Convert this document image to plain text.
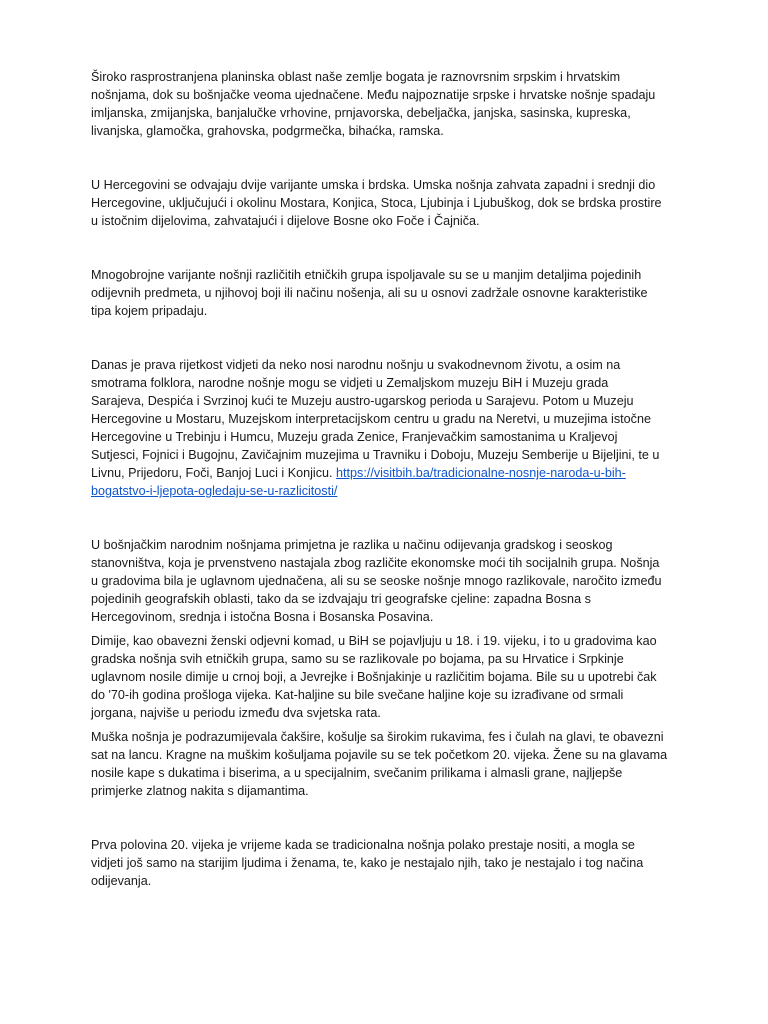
Široko rasprostranjena planinska oblast naše zemlje bogata je raznovrsnim srpskim i hrvatskim
nošnjama, dok su bošnjačke veoma ujednačene. Među najpoznatije srpske i hrvatske nošnje spadaju
imljanska, zmijanjska, banjalučke vrhovine, prnjavorska, debeljačka, janjska, sasinska, kupreska,
livanjska, glamočka, grahovska, podgrmečka, bihaćka, ramska.

U Hercegovini se odvajaju dvije varijante umska i brdska. Umska nošnja zahvata zapadni i srednji dio
Hercegovine, uključujući i okolinu Mostara, Konjica, Stoca, Ljubinja i Ljubuškog, dok se brdska prostire
u istočnim dijelovima, zahvatajući i dijelove Bosne oko Foče i Čajniča.

Mnogobrojne varijante nošnji različitih etničkih grupa ispoljavale su se u manjim detaljima pojedinih
odijevnih predmeta, u njihovoj boji ili načinu nošenja, ali su u osnovi zadržale osnovne karakteristike
tipa kojem pripadaju.

Danas je prava rijetkost vidjeti da neko nosi narodnu nošnju u svakodnevnom životu, a osim na
smotrama folklora, narodne nošnje mogu se vidjeti u Zemaljskom muzeju BiH i Muzeju grada
Sarajeva, Despića i Svrzinoj kući te Muzeju austro-ugarskog perioda u Sarajevu. Potom u Muzeju
Hercegovine u Mostaru, Muzejskom interpretacijskom centru u gradu na Neretvi, u muzejima istočne
Hercegovine u Trebinju i Humcu, Muzeju grada Zenice, Franjevačkim samostanima u Kraljevoj
Sutjesci, Fojnici i Bugojnu, Zavičajnim muzejima u Travniku i Doboju, Muzeju Semberije u Bijeljini, te u
Livnu, Prijedoru, Foči, Banjoj Luci i Konjicu. https://visitbih.ba/tradicionalne-nosnje-naroda-u-bih-
bogatstvo-i-ljepota-ogledaju-se-u-razlicitosti/

U bošnjačkim narodnim nošnjama primjetna je razlika u načinu odijevanja gradskog i seoskog
stanovništva, koja je prvenstveno nastajala zbog različite ekonomske moći tih socijalnih grupa. Nošnja
u gradovima bila je uglavnom ujednačena, ali su se seoske nošnje mnogo razlikovale, naročito između
pojedinih geografskih oblasti, tako da se izdvajaju tri geografske cjeline: zapadna Bosna s
Hercegovinom, srednja i istočna Bosna i Bosanska Posavina.

Dimije, kao obavezni ženski odjevni komad, u BiH se pojavljuju u 18. i 19. vijeku, i to u gradovima kao
gradska nošnja svih etničkih grupa, samo su se razlikovale po bojama, pa su Hrvatice i Srpkinje
uglavnom nosile dimije u crnoj boji, a Jevrejke i Bošnjakinje u različitim bojama. Bile su u upotrebi čak
do '70-ih godina prošloga vijeka. Kat-haljine su bile svečane haljine koje su izrađivane od srmali
jorgana, najviše u periodu između dva svjetska rata.

Muška nošnja je podrazumijevala čakšire, košulje sa širokim rukavima, fes i čulah na glavi, te obavezni
sat na lancu. Kragne na muškim košuljama pojavile su se tek početkom 20. vijeka. Žene su na glavama
nosile kape s dukatima i biserima, a u specijalnim, svečanim prilikama i almasli grane, najljepše
primjerke zlatnog nakita s dijamantima.

Prva polovina 20. vijeka je vrijeme kada se tradicionalna nošnja polako prestaje nositi, a mogla se
vidjeti još samo na starijim ljudima i ženama, te, kako je nestajalo njih, tako je nestajalo i tog načina
odijevanja.
